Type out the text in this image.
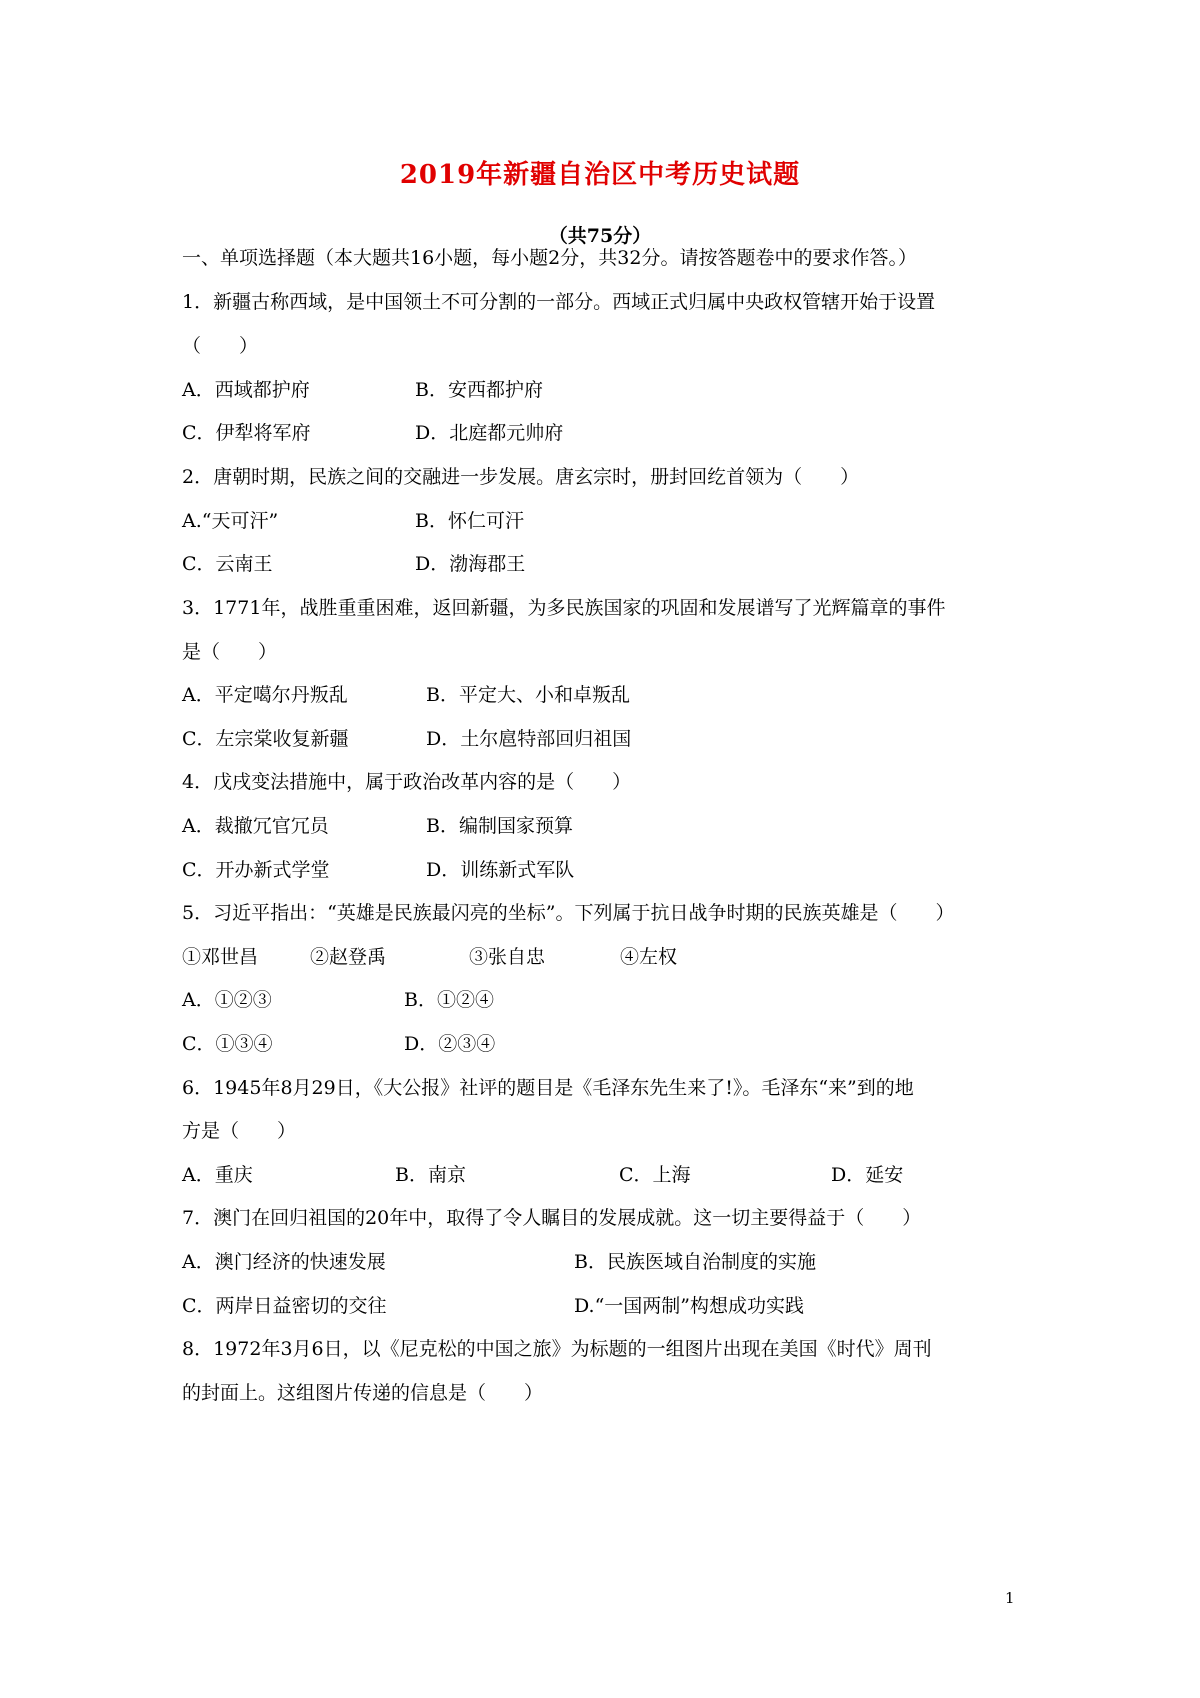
2019年新疆自治区中考历史试题
（共75分）
一、单项选择题（本大题共16小题，每小题2分，共32分。请按答题卷中的要求作答。）
1．新疆古称西域，是中国领土不可分割的一部分。西域正式归属中央政权管辖开始于设置
（　　）
A．西域都护府	B．安西都护府
C．伊犁将军府	D．北庭都元帅府
2．唐朝时期，民族之间的交融进一步发展。唐玄宗时，册封回纥首领为（　　）
A.“天可汗”	B．怀仁可汗
C．云南王	D．渤海郡王
3．1771年，战胜重重困难，返回新疆，为多民族国家的巩固和发展谱写了光辉篇章的事件
是（　　）
A．平定噶尔丹叛乱	B．平定大、小和卓叛乱
C．左宗棠收复新疆	D．土尔扈特部回归祖国
4．戊戌变法措施中，属于政治改革内容的是（　　）
A．裁撤冗官冗员	B．编制国家预算
C．开办新式学堂	D．训练新式军队
5．习近平指出：“英雄是民族最闪亮的坐标”。下列属于抗日战争时期的民族英雄是（　　）
①邓世昌	②赵登禹	③张自忠	④左权
A．①②③	B．①②④
C．①③④	D．②③④
6．1945年8月29日，《大公报》社评的题目是《毛泽东先生来了!》。毛泽东“来”到的地
方是（　　）
A．重庆	B．南京	C．上海	D．延安
7．澳门在回归祖国的20年中，取得了令人瞩目的发展成就。这一切主要得益于（　　）
A．澳门经济的快速发展	B．民族医域自治制度的实施
C．两岸日益密切的交往	D.“一国两制”构想成功实践
8．1972年3月6日，以《尼克松的中国之旅》为标题的一组图片出现在美国《时代》周刊
的封面上。这组图片传递的信息是（　　）
1
